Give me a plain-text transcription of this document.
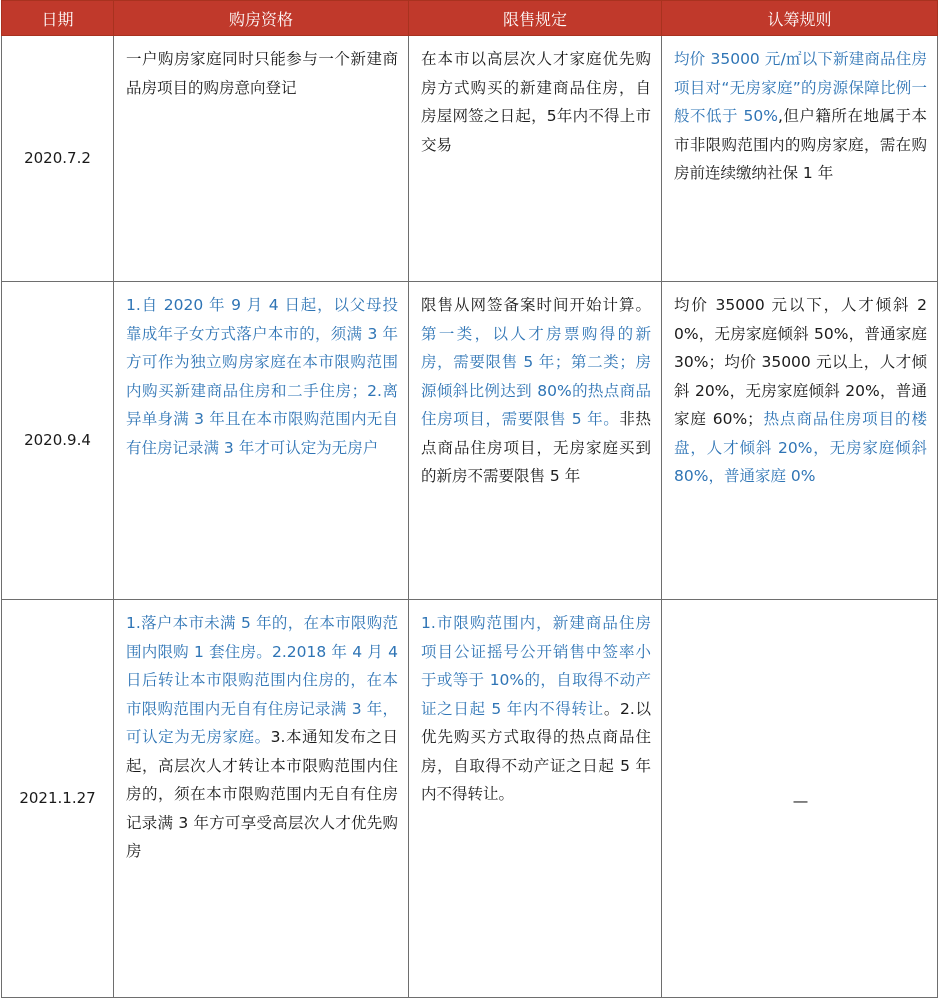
日期	购房资格	限售规定	认筹规则
2020.7.2	一户购房家庭同时只能参与一个新建商品房项目的购房意向登记	在本市以高层次人才家庭优先购房方式购买的新建商品住房，自房屋网签之日起，5年内不得上市交易	均价 35000 元/㎡以下新建商品住房项目对“无房家庭”的房源保障比例一般不低于 50%,但户籍所在地属于本市非限购范围内的购房家庭，需在购房前连续缴纳社保 1 年
2020.9.4	1.自 2020 年 9 月 4 日起，以父母投靠成年子女方式落户本市的，须满 3 年方可作为独立购房家庭在本市限购范围内购买新建商品住房和二手住房；2.离异单身满 3 年且在本市限购范围内无自有住房记录满 3 年才可认定为无房户	限售从网签备案时间开始计算。第一类，以人才房票购得的新房，需要限售 5 年；第二类；房源倾斜比例达到 80%的热点商品住房项目，需要限售 5 年。非热点商品住房项目，无房家庭买到的新房不需要限售 5 年	均价 35000 元以下，人才倾斜 20%，无房家庭倾斜 50%，普通家庭 30%；均价 35000 元以上，人才倾斜 20%，无房家庭倾斜 20%，普通家庭 60%；热点商品住房项目的楼盘，人才倾斜 20%，无房家庭倾斜 80%，普通家庭 0%
2021.1.27	1.落户本市未满 5 年的，在本市限购范围内限购 1 套住房。2.2018 年 4 月 4 日后转让本市限购范围内住房的，在本市限购范围内无自有住房记录满 3 年，可认定为无房家庭。3.本通知发布之日起，高层次人才转让本市限购范围内住房的，须在本市限购范围内无自有住房记录满 3 年方可享受高层次人才优先购房	1.市限购范围内，新建商品住房项目公证摇号公开销售中签率小于或等于 10%的，自取得不动产证之日起 5 年内不得转让。2.以优先购买方式取得的热点商品住房，自取得不动产证之日起 5 年内不得转让。	—
